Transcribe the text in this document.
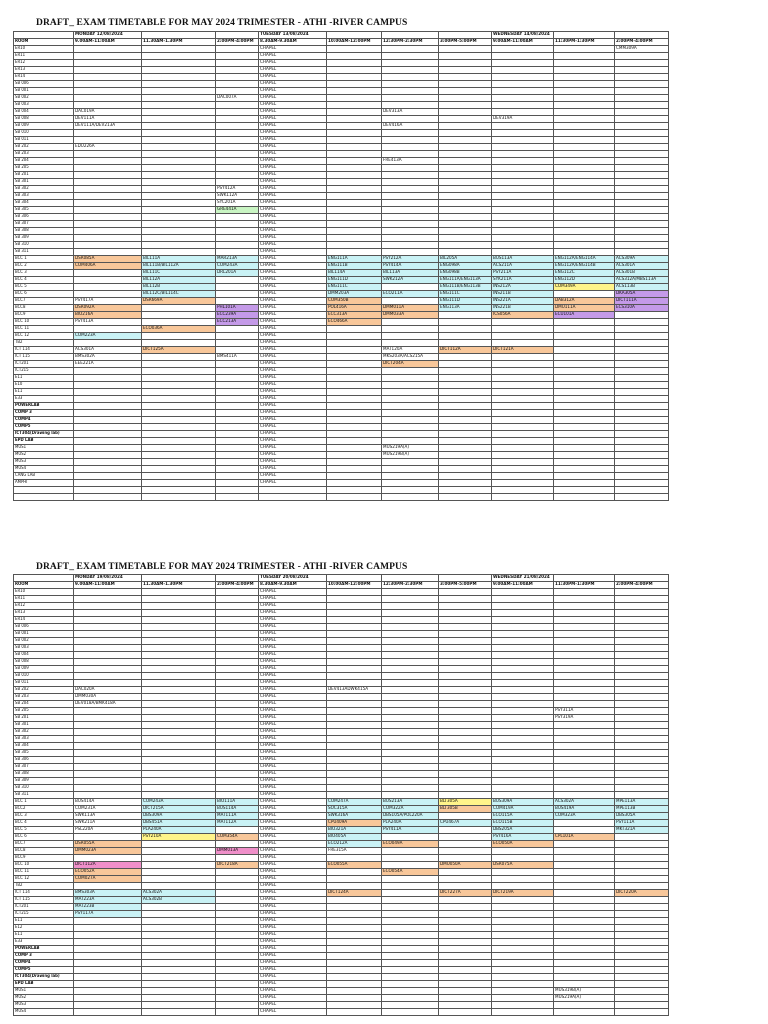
DRAFT_ EXAM TIMETABLE FOR MAY 2024 TRIMESTER - ATHI -RIVER CAMPUS
	MONDAY 12/08/2024			TUESDAY 13/08/2024				WEDNESDAY 14/08/2024		
ROOM	9.00AM-11:00AM	11.30AM-1.30PM	2:00PM-4:00PM	8.30AM-9.30AM	10:00AM-12:00PM	12:30PM-2:30PM	3:00PM-5:00PM	9:00AM-11:00AM	11:30PM-1:30PM	2:00PM-4:00PM
ER10				CHAPEL						CMM309A
ER11				CHAPEL						
ER12				CHAPEL						
ER13				CHAPEL						
ER14				CHAPEL						
SB 006				CHAPEL						
SB 001				CHAPEL						
SB 002			DAC007A	CHAPEL						
SB 003				CHAPEL						
SB 004	DAC019A			CHAPEL		DEV313A				
SB 008	DEV111A			CHAPEL				DEV319A		
SB 009	DEV111A/DEV213A			CHAPEL		DEV416A				
SB 010				CHAPEL						
SB 011				CHAPEL						
SB 202	EDU226A			CHAPEL						
SB 203				CHAPEL						
SB 204				CHAPEL		FRE413A				
SB 205				CHAPEL						
SB 201				CHAPEL						
SB 301				CHAPEL						
SB 302			PSY412A	CHAPEL						
SB 303			SWK112A	CHAPEL						
SB 304			SYC201A	CHAPEL						
SB 305			GRE441A	CHAPEL						
SB 306				CHAPEL						
SB 307				CHAPEL						
SB 308				CHAPEL						
SB 309				CHAPEL						
SB 310				CHAPEL						
SB 311				CHAPEL						
BCC 1	DSR085A	BIL111A	MAR213A	CHAPEL	ENG111A	PSY212A	BIL205A	BUS113A	ENG112A/ENG114A	ACS309A
BCC 2	COM406A	BIL111B/BIL112A	COM243A	CHAPEL	ENG111B	PSY414A	ENG098A	ACS211A	ENG112A/ENG114B	ACS301A
BCC 3		BIL111C	DRL201A	CHAPEL	BIL114A	BIL113A	ENG098B	PSY211A	ENG112C	ACS301B
BCC 4		BIL112A		CHAPEL	ENG111D	SWK212A	ENG111A/ENG113A	SYK211A	ENG112D	ACS312A/MBS113A
BCC 5		BIL112B		CHAPEL	ENG111C		ENG111B/ENG113B	INS212A	COM349A	ACS113B
BCC 6		BIL112C/BIL114C		CHAPEL	DMM203A	ECO211A	ENG111C	INS211B		DKA305A
BCC7	PSY417A	DSR669A		CHAPEL	COM350B		ENG111D	INS221A	DAB312A	DICT111A
BCC8	DSR092A		PHL101A	CHAPEL	POL416A	DMM011A	ENG113A	INS221B	DMU111A	ECS310A
BCC9	BIO216A		ECC239A	CHAPEL	ECC313A	DMM033A		ICS056A	ECU101A	
BCC 10	PSY413A		ECC213A	CHAPEL	ECO466A					
BCC 11		ECO036A		CHAPEL						
BCC 12	COM223A			CHAPEL						
TB2				CHAPEL						
ICT 114	ACS301A	DICT125A		CHAPEL		MAT120A	DICT112A	DICT121A		
ICT 115	BMS302A		BMS411A	CHAPEL		MKS203A/ACS215A				
ICT201	EEE221A			CHAPEL		DICT204A				
ICT215				CHAPEL						
E11				CHAPEL						
E10				CHAPEL						
E11				CHAPEL						
E33				CHAPEL						
POWERLAB				CHAPEL						
COMP 3				CHAPEL						
COMP4				CHAPEL						
COMP5				CHAPEL						
ICT304(Drawing lab)				CHAPEL						
EPD LAB				CHAPEL						
MUS1				CHAPEL		MUS219A(A)				
MUS2				CHAPEL		MUS219B(A)				
MUS3				CHAPEL						
MUS4				CHAPEL						
CANG LAB				CHAPEL						
AMPHI				CHAPEL						

DRAFT_ EXAM TIMETABLE FOR MAY 2024 TRIMESTER - ATHI -RIVER CAMPUS
	MONDAY 19/08/2024			TUESDAY 20/08/2024				WEDNESDAY 21/08/2024		
ROOM	9.00AM-11:00AM	11.30AM-1.30PM	2:00PM-4:00PM	8.30AM-9.30AM	10:00AM-12:00PM	12:30PM-2:30PM	3:00PM-5:00PM	9:00AM-11:00AM	11:30PM-1:30PM	2:00PM-4:00PM
ER10				CHAPEL						
ER11				CHAPEL						
ER12				CHAPEL						
ER13				CHAPEL						
ER14				CHAPEL						
SB 006				CHAPEL						
SB 001				CHAPEL						
SB 002				CHAPEL						
SB 003				CHAPEL						
SB 004				CHAPEL						
SB 008				CHAPEL						
SB 009				CHAPEL						
SB 010				CHAPEL						
SB 011				CHAPEL						
SB 202	DAC020A			CHAPEL	DEV413ADWK415A					
SB 203	DMM030A			CHAPEL						
SB 204	DEV018A/BMK418A			CHAPEL						
SB 205				CHAPEL					PSY311A	
SB 201				CHAPEL					PSY319A	
SB 301				CHAPEL						
SB 302				CHAPEL						
SB 303				CHAPEL						
SB 304				CHAPEL						
SB 305				CHAPEL						
SB 306				CHAPEL						
SB 307				CHAPEL						
SB 308				CHAPEL						
SB 309				CHAPEL						
SB 310				CHAPEL						
SB 311				CHAPEL						
BCC 1	BUS414A	COM243A	BIO111A	CHAPEL	COM247A	BUS213A	BLT305A	BUS309A	ACS302A	MPE113A
BCC2	COM231A	DICT215A	BUS114A	CHAPEL	SOC315A	COM322A	BLT305B	COM419A	BUS419A	MPE113B
BCC 3	SWK113A	DBS309A	MAT111A	CHAPEL	SWK316A	DBS105A/POL220A		ECO115A	COM323A	DBS305A
BCC 4	SWK211A	DBS451A	MAT112A	CHAPEL	CPU409A	PLA240A	CPU467A	ECO115B		PSY111A
BCC 5	PSL220A	PLA240A		CHAPEL	BIO321A	PSY411A		DBS205A		MKT321A
BCC 6		PSY210A	COM354A	CHAPEL	BIO405A			PSY416A	CPL101A	
BCC7	DSR055A			CHAPEL	ECO212A	ECO049A		ECO050A		
BCC8	DMM023A		DMM013A	CHAPEL	FRE315A					
BCC9				CHAPEL						
BCC 10	DICT112A		DICT218A	CHAPEL	ECO055A		DMU050A	DSR075A		
BCC 11	ECO052A			CHAPEL		ECO054A				
BCC 12	COM027A			CHAPEL						
TB2				CHAPEL						
ICT 114	BMS303A	ACS302A		CHAPEL	DICT124A		DICT227A	DICT219A		DICT220A
ICT 115	MAT223A	ACS302B		CHAPEL						
ICT201	MAT223B			CHAPEL						
ICT215	PSY117A			CHAPEL						
E11				CHAPEL						
E12				CHAPEL						
E11				CHAPEL						
E33				CHAPEL						
POWERLAB				CHAPEL						
COMP 3				CHAPEL						
COMP4				CHAPEL						
COMP5				CHAPEL						
ICT304(Drawing lab)				CHAPEL						
EPD LAB				CHAPEL						
MUS1				CHAPEL					MUS319B(A)	
MUS2				CHAPEL					MUS219A(A)	
MUS3				CHAPEL						
MUS4				CHAPEL						
